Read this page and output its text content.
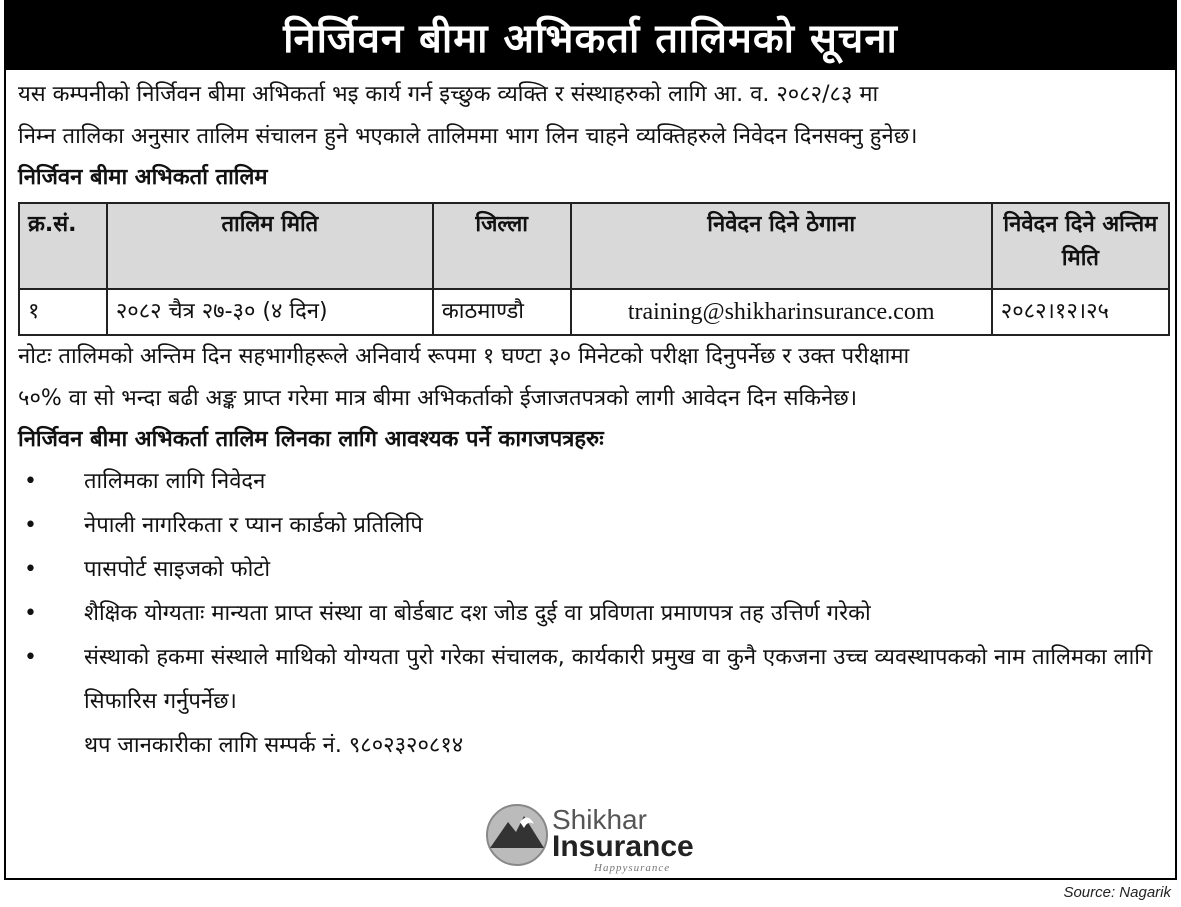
निर्जिवन बीमा अभिकर्ता तालिमको सूचना

यस कम्पनीको निर्जिवन बीमा अभिकर्ता भइ कार्य गर्न इच्छुक व्यक्ति र संस्थाहरुको लागि आ. व. २०८२/८३ मा

निम्न तालिका अनुसार तालिम संचालन हुने भएकाले तालिममा भाग लिन चाहने व्यक्तिहरुले निवेदन दिनसक्नु हुनेछ।

निर्जिवन बीमा अभिकर्ता तालिम

क्र.सं.	तालिम मिति	जिल्ला	निवेदन दिने ठेगाना	निवेदन दिने अन्तिम मिति
१	२०८२ चैत्र २७-३० (४ दिन)	काठमाण्डौ	training@shikharinsurance.com	२०८२।१२।२५

नोटः तालिमको अन्तिम दिन सहभागीहरूले अनिवार्य रूपमा १ घण्टा ३० मिनेटको परीक्षा दिनुपर्नेछ र उक्त परीक्षामा

५०% वा सो भन्दा बढी अङ्क प्राप्त गरेमा मात्र बीमा अभिकर्ताको ईजाजतपत्रको लागी आवेदन दिन सकिनेछ।

निर्जिवन बीमा अभिकर्ता तालिम लिनका लागि आवश्यक पर्ने कागजपत्रहरुः

• तालिमका लागि निवेदन
• नेपाली नागरिकता र प्यान कार्डको प्रतिलिपि
• पासपोर्ट साइजको फोटो
• शैक्षिक योग्यताः मान्यता प्राप्त संस्था वा बोर्डबाट दश जोड दुई वा प्रविणता प्रमाणपत्र तह उत्तिर्ण गरेको
• संस्थाको हकमा संस्थाले माथिको योग्यता पुरो गरेका संचालक, कार्यकारी प्रमुख वा कुनै एकजना उच्च व्यवस्थापकको नाम तालिमका लागि सिफारिस गर्नुपर्नेछ।

थप जानकारीका लागि सम्पर्क नं. ९८०२३२०८१४

Shikhar
Insurance
Happysurance
Source: Nagarik
